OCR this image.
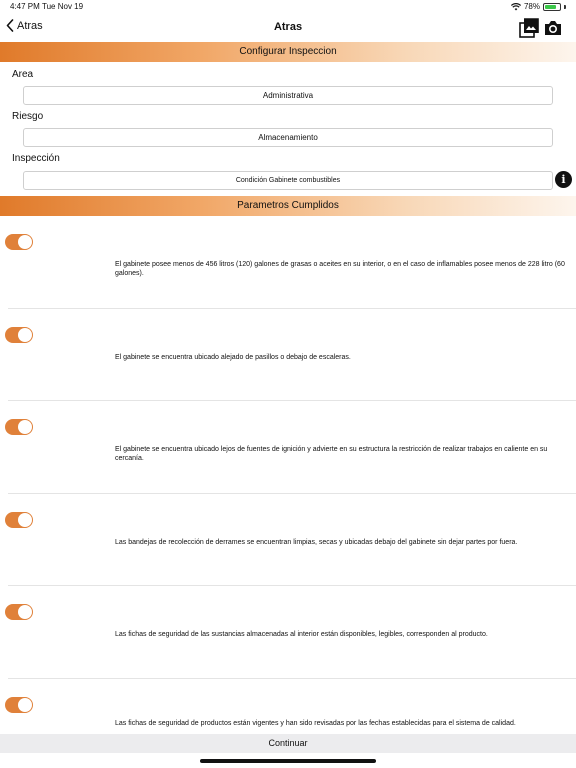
4:47 PM Tue Nov 19	78%
Atras	Atras
Configurar Inspeccion
Area
Administrativa
Riesgo
Almacenamiento
Inspección
Condición Gabinete combustibles	i
Parametros Cumplidos
El gabinete posee menos de 456 litros (120) galones de grasas o aceites en su interior, o en el caso de inflamables posee menos de 228 litro (60 galones).
El gabinete se encuentra ubicado alejado de pasillos o debajo de escaleras.
El gabinete se encuentra ubicado lejos de fuentes de ignición y advierte en su estructura la restricción de realizar trabajos en caliente en su cercanía.
Las bandejas de recolección de derrames se encuentran limpias, secas y ubicadas debajo del gabinete sin dejar partes por fuera.
Las fichas de seguridad de las sustancias almacenadas al interior están disponibles, legibles, corresponden al producto.
Las fichas de seguridad de productos están vigentes y han sido revisadas por las fechas establecidas para el sistema de calidad.
Continuar
